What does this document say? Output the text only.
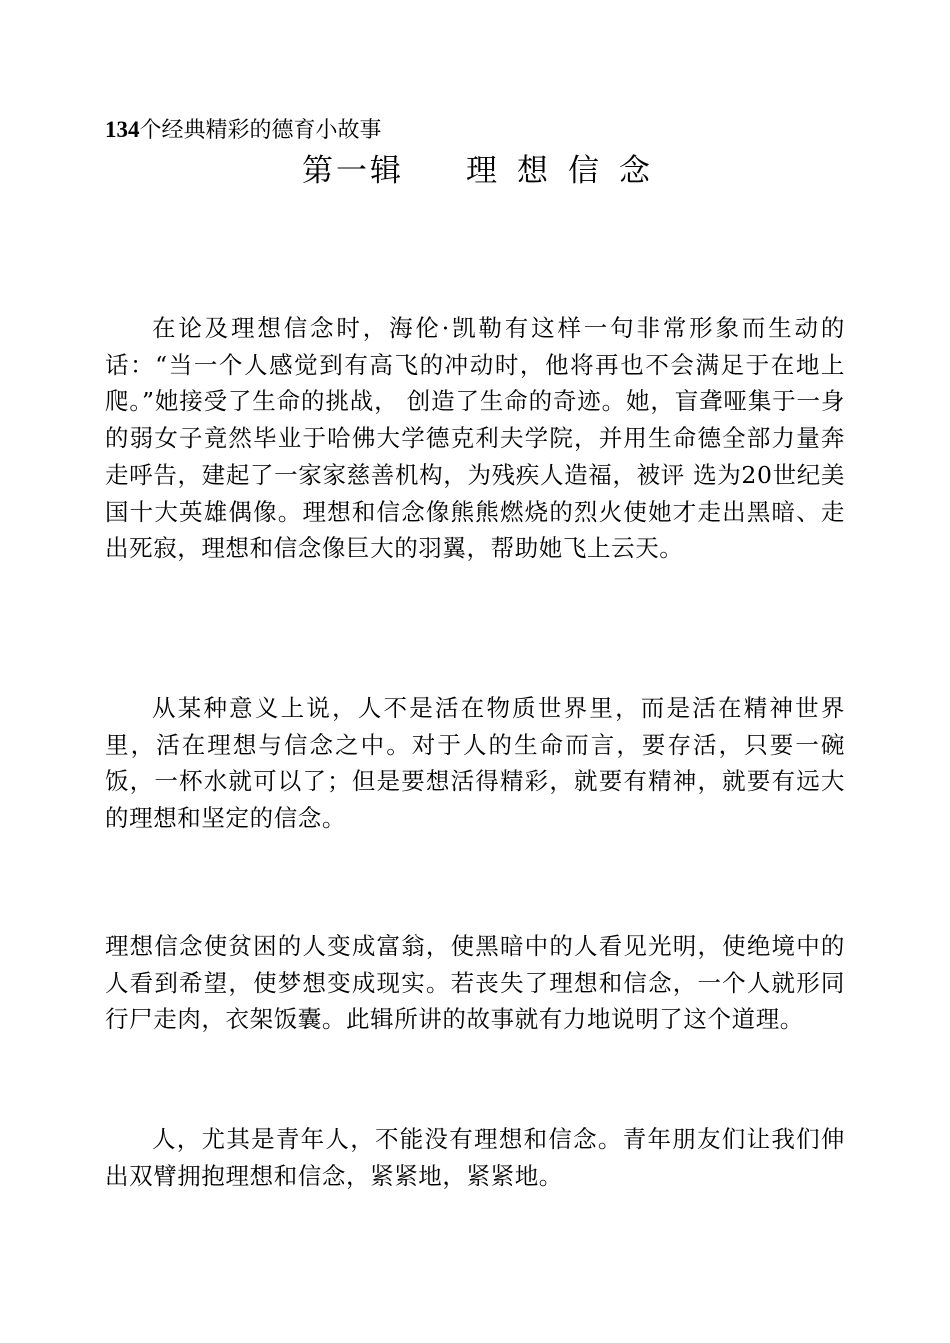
134个经典精彩的德育小故事
第一辑 理想信念

在论及理想信念时，海伦·凯勒有这样一句非常形象而生动的话：“当一个人感觉到有高飞的冲动时，他将再也不会满足于在地上爬。”她接受了生命的挑战， 创造了生命的奇迹。她，盲聋哑集于一身的弱女子竟然毕业于哈佛大学德克利夫学院，并用生命德全部力量奔走呼告，建起了一家家慈善机构，为残疾人造福，被评 选为20世纪美国十大英雄偶像。理想和信念像熊熊燃烧的烈火使她才走出黑暗、走出死寂，理想和信念像巨大的羽翼，帮助她飞上云天。

从某种意义上说，人不是活在物质世界里，而是活在精神世界里，活在理想与信念之中。对于人的生命而言，要存活，只要一碗饭，一杯水就可以了；但是要想活得精彩，就要有精神，就要有远大的理想和坚定的信念。

理想信念使贫困的人变成富翁，使黑暗中的人看见光明，使绝境中的人看到希望，使梦想变成现实。若丧失了理想和信念，一个人就形同行尸走肉，衣架饭囊。此辑所讲的故事就有力地说明了这个道理。

人，尤其是青年人，不能没有理想和信念。青年朋友们让我们伸出双臂拥抱理想和信念，紧紧地，紧紧地。
